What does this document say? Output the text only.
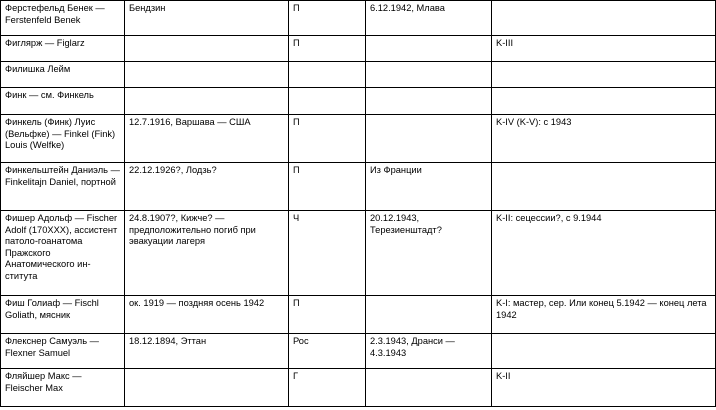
Ферстефельд Бенек — Ferstenfeld Benek	Бендзин	П	6.12.1942, Млава	
Фиглярж‎ — Figlarz		П		K-III
Филишка Лейм				
Финк — см. Финкель				
Финкель (Финк) Луис (Вельфке) — Finkel (Fink) Louis (Welfke)	12.7.1916, Варшава — США	П		K-IV (K-V): с 1943
Финкельштейн Даниэль — Finkelitajn Daniel, портной	22.12.1926?, Лодзь?	П	Из Франции	
Фишер Адольф — Fischer Adolf (170XXX), ассистент патоло-гоанатома Пражского Анатомического ин-ститута	24.8.1907?, Кижче? — предположительно погиб при эвакуации лагеря	Ч	20.12.1943, Терезиенштадт?	K-II: сецессии?, с 9.1944
Фиш Голиаф — Fischl Goliath, мясник	ок. 1919 — поздняя осень 1942	П		K-I: мастер, сер. Или конец 5.1942 — конец лета 1942
Флекснер Самуэль — Flexner Samuel	18.12.1894, Эттан	Рос	2.3.1943, Дранси — 4.3.1943	
Фляйшер Макс — Fleischer Max		Г		K-II
